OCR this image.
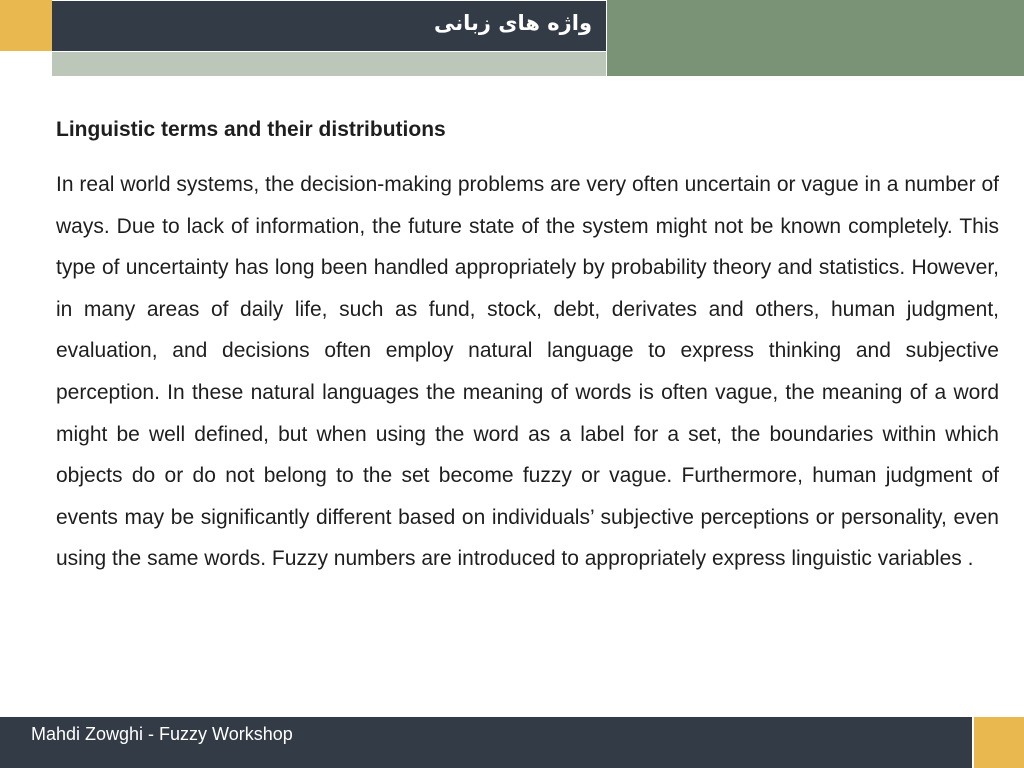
واژه های زبانی
Linguistic terms and their distributions

In real world systems, the decision-making problems are very often uncertain or vague in a number of ways. Due to lack of information, the future state of the system might not be known completely. This type of uncertainty has long been handled appropriately by probability theory and statistics. However, in many areas of daily life, such as fund, stock, debt, derivates and others, human judgment, evaluation, and decisions often employ natural language to express thinking and subjective perception. In these natural languages the meaning of words is often vague, the meaning of a word might be well defined, but when using the word as a label for a set, the boundaries within which objects do or do not belong to the set become fuzzy or vague. Furthermore, human judgment of events may be significantly different based on individuals’ subjective perceptions or personality, even using the same words. Fuzzy numbers are introduced to appropriately express linguistic variables .

Mahdi Zowghi - Fuzzy Workshop
